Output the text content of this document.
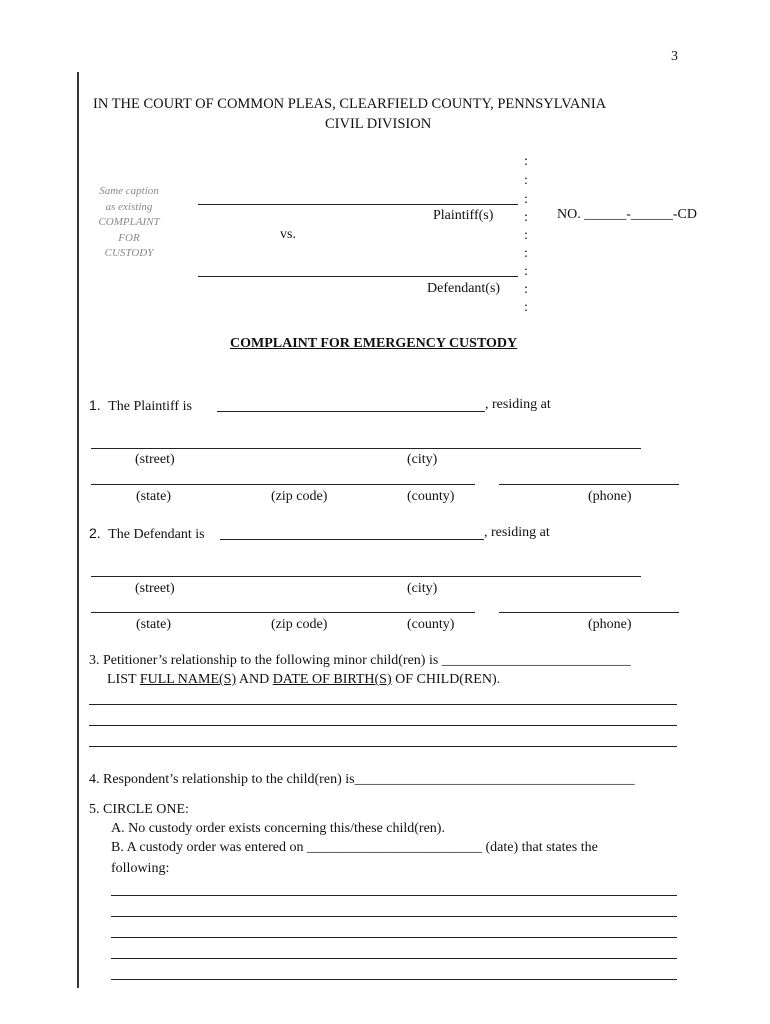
3
IN THE COURT OF COMMON PLEAS, CLEARFIELD COUNTY, PENNSYLVANIA
CIVIL DIVISION
Same caption
as existing
COMPLAINT
FOR
CUSTODY
:
:
:
:
:
:
:
:
:
Plaintiff(s)
vs.
Defendant(s)
NO. ______-______-CD
COMPLAINT FOR EMERGENCY CUSTODY
1. The Plaintiff is	, residing at
(street)	(city)
(state)	(zip code)	(county)	(phone)
2. The Defendant is	, residing at
(street)	(city)
(state)	(zip code)	(county)	(phone)
3. Petitioner’s relationship to the following minor child(ren) is ___________________________
LIST FULL NAME(S) AND DATE OF BIRTH(S) OF CHILD(REN).
4. Respondent’s relationship to the child(ren) is________________________________________
5. CIRCLE ONE:
A. No custody order exists concerning this/these child(ren).
B. A custody order was entered on _________________________ (date) that states the
following:
